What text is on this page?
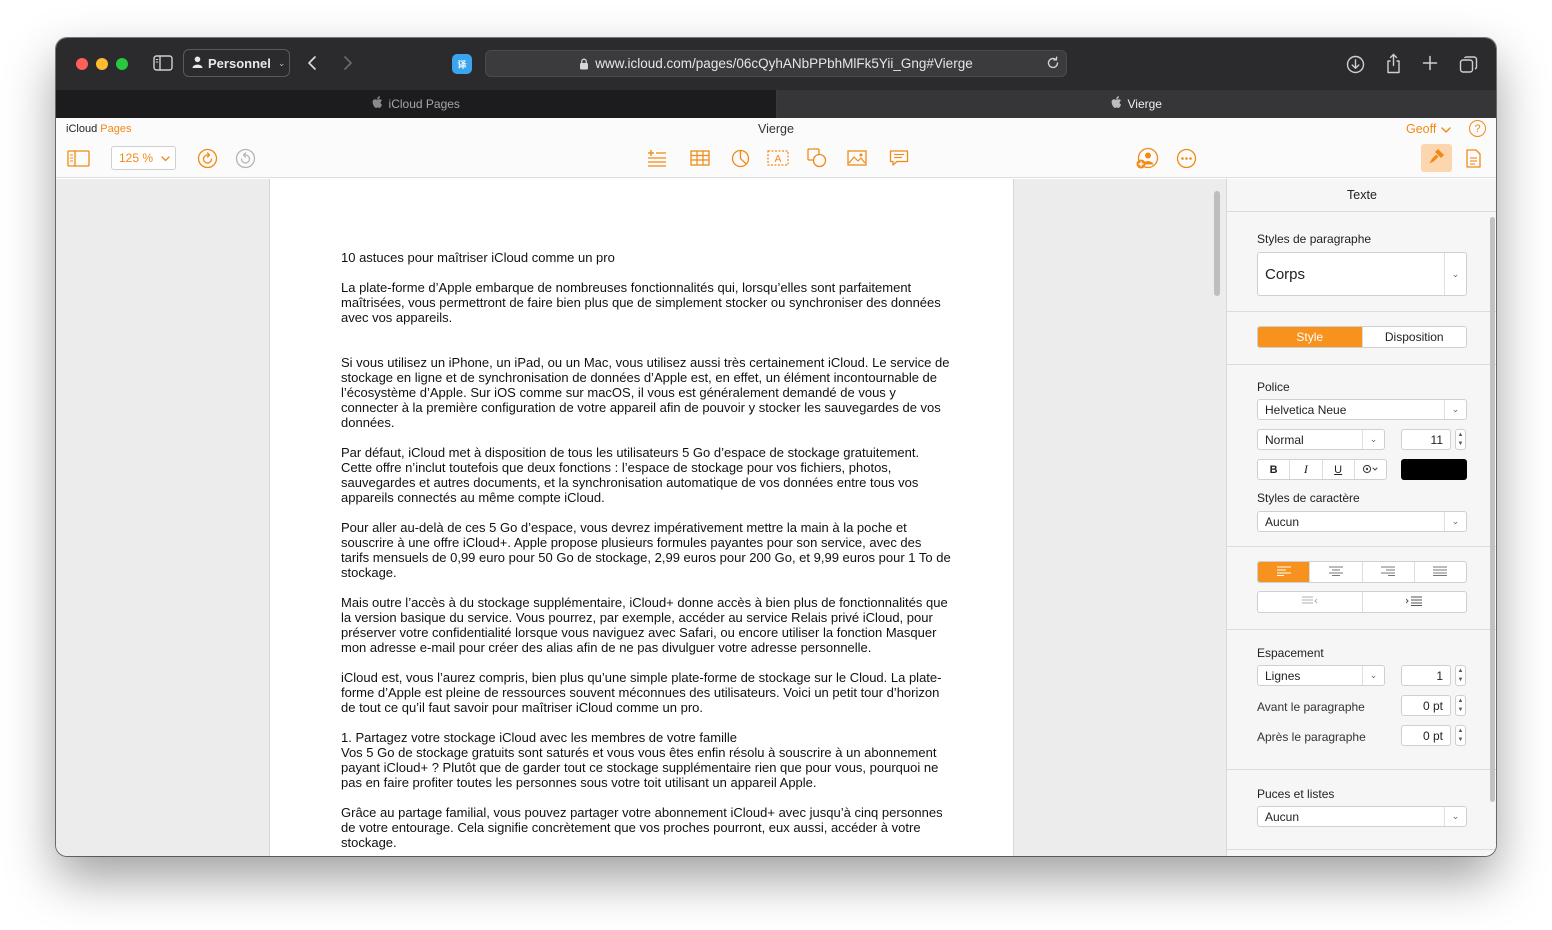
Personnel ⌄	译	www.icloud.com/pages/06cQyhANbPPbhMlFk5Yii_Gng#Vierge
iCloud Pages	Vierge
iCloud Pages	Vierge	Geoff	?
125 %	A

10 astuces pour maîtriser iCloud comme un pro

La plate-forme d’Apple embarque de nombreuses fonctionnalités qui, lorsqu’elles sont parfaitement maîtrisées, vous permettront de faire bien plus que de simplement stocker ou synchroniser des données avec vos appareils.

Si vous utilisez un iPhone, un iPad, ou un Mac, vous utilisez aussi très certainement iCloud. Le service de stockage en ligne et de synchronisation de données d’Apple est, en effet, un élément incontournable de l’écosystème d’Apple. Sur iOS comme sur macOS, il vous est généralement demandé de vous y connecter à la première configuration de votre appareil afin de pouvoir y stocker les sauvegardes de vos données.

Par défaut, iCloud met à disposition de tous les utilisateurs 5 Go d’espace de stockage gratuitement. Cette offre n’inclut toutefois que deux fonctions : l’espace de stockage pour vos fichiers, photos, sauvegardes et autres documents, et la synchronisation automatique de vos données entre tous vos appareils connectés au même compte iCloud.

Pour aller au-delà de ces 5 Go d’espace, vous devrez impérativement mettre la main à la poche et souscrire à une offre iCloud+. Apple propose plusieurs formules payantes pour son service, avec des tarifs mensuels de 0,99 euro pour 50 Go de stockage, 2,99 euros pour 200 Go, et 9,99 euros pour 1 To de stockage.

Mais outre l’accès à du stockage supplémentaire, iCloud+ donne accès à bien plus de fonctionnalités que la version basique du service. Vous pourrez, par exemple, accéder au service Relais privé iCloud, pour préserver votre confidentialité lorsque vous naviguez avec Safari, ou encore utiliser la fonction Masquer mon adresse e-mail pour créer des alias afin de ne pas divulguer votre adresse personnelle.

iCloud est, vous l’aurez compris, bien plus qu’une simple plate-forme de stockage sur le Cloud. La plate-forme d’Apple est pleine de ressources souvent méconnues des utilisateurs. Voici un petit tour d’horizon de tout ce qu’il faut savoir pour maîtriser iCloud comme un pro.

1. Partagez votre stockage iCloud avec les membres de votre famille

Vos 5 Go de stockage gratuits sont saturés et vous vous êtes enfin résolu à souscrire à un abonnement payant iCloud+ ? Plutôt que de garder tout ce stockage supplémentaire rien que pour vous, pourquoi ne pas en faire profiter toutes les personnes sous votre toit utilisant un appareil Apple.

Grâce au partage familial, vous pouvez partager votre abonnement iCloud+ avec jusqu’à cinq personnes de votre entourage. Cela signifie concrètement que vos proches pourront, eux aussi, accéder à votre stockage.

Texte
Styles de paragraphe
Corps	⌄
Style	Disposition
Police
Helvetica Neue	⌄
Normal	⌄	11	▲
▼
B	I	U
Styles de caractère
Aucun	⌄
Espacement
Lignes	⌄	1	▲
▼
Avant le paragraphe	0 pt	▲
▼
Après le paragraphe	0 pt	▲
▼
Puces et listes
Aucun	⌄
